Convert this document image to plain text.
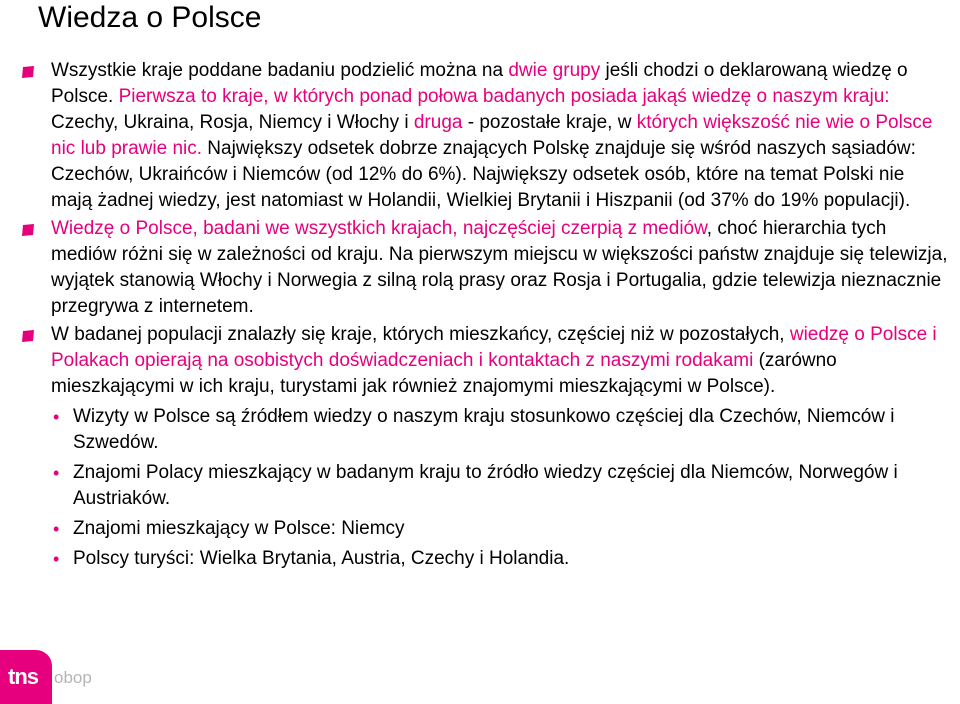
Wiedza o Polsce
Wszystkie kraje poddane badaniu podzielić można na dwie grupy jeśli chodzi o deklarowaną wiedzę o Polsce. Pierwsza to kraje, w których ponad połowa badanych posiada jakąś wiedzę o naszym kraju: Czechy, Ukraina, Rosja, Niemcy i Włochy i druga - pozostałe kraje, w których większość nie wie o Polsce nic lub prawie nic. Największy odsetek dobrze znających Polskę znajduje się wśród naszych sąsiadów: Czechów, Ukraińców i Niemców (od 12% do 6%). Największy odsetek osób, które na temat Polski nie mają żadnej wiedzy, jest natomiast w Holandii, Wielkiej Brytanii i Hiszpanii (od 37% do 19% populacji).
Wiedzę o Polsce, badani we wszystkich krajach, najczęściej czerpią z mediów, choć hierarchia tych mediów różni się w zależności od kraju. Na pierwszym miejscu w większości państw znajduje się telewizja, wyjątek stanowią Włochy i Norwegia z silną rolą prasy oraz Rosja i Portugalia, gdzie telewizja nieznacznie przegrywa z internetem.
W badanej populacji znalazły się kraje, których mieszkańcy, częściej niż w pozostałych, wiedzę o Polsce i Polakach opierają na osobistych doświadczeniach i kontaktach z naszymi rodakami (zarówno mieszkającymi w ich kraju, turystami jak również znajomymi mieszkającymi w Polsce).
• Wizyty w Polsce są źródłem wiedzy o naszym kraju stosunkowo częściej dla Czechów, Niemców i Szwedów.
• Znajomi Polacy mieszkający w badanym kraju to źródło wiedzy częściej dla Niemców, Norwegów i Austriaków.
• Znajomi mieszkający w Polsce: Niemcy
• Polscy turyści: Wielka Brytania, Austria, Czechy i Holandia.
tns obop
